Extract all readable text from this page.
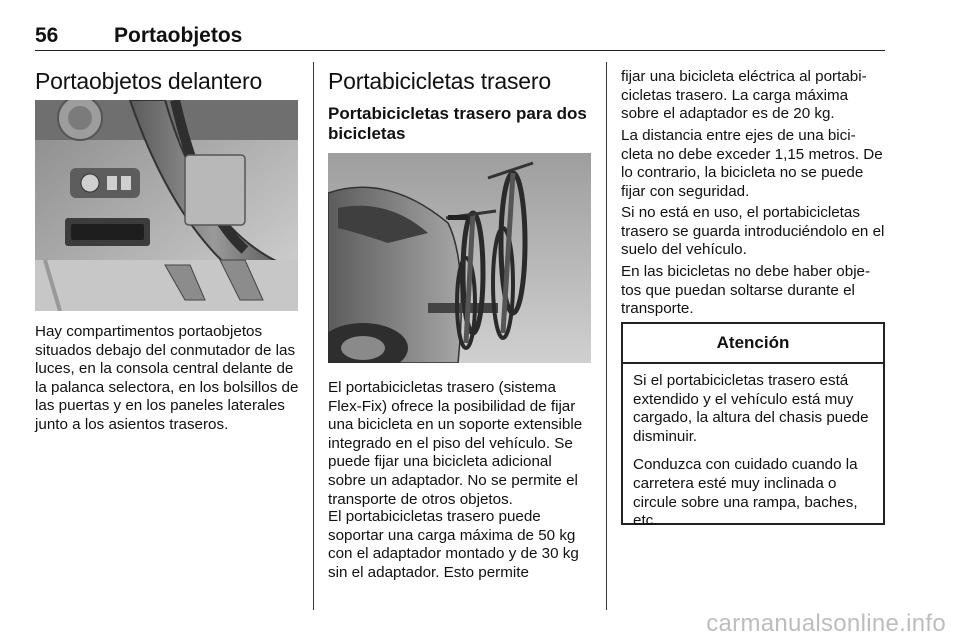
56	Portaobjetos
Portaobjetos delantero

Hay compartimentos portaobjetos situados debajo del conmutador de las luces, en la consola central delante de la palanca selectora, en los bolsillos de las puertas y en los paneles laterales junto a los asientos traseros.

Portabicicletas trasero
Portabicicletas trasero para dos bicicletas

El portabicicletas trasero (sistema Flex-Fix) ofrece la posibilidad de fijar una bicicleta en un soporte extensible integrado en el piso del vehículo. Se puede fijar una bicicleta adicional sobre un adaptador. No se permite el transporte de otros objetos.

El portabicicletas trasero puede soportar una carga máxima de 50 kg con el adaptador montado y de 30 kg sin el adaptador. Esto permite

fijar una bicicleta eléctrica al portabi-cicletas trasero. La carga máxima sobre el adaptador es de 20 kg.

La distancia entre ejes de una bici-cleta no debe exceder 1,15 metros. De lo contrario, la bicicleta no se puede fijar con seguridad.

Si no está en uso, el portabicicletas trasero se guarda introduciéndolo en el suelo del vehículo.

En las bicicletas no debe haber obje-tos que puedan soltarse durante el transporte.

Atención

Si el portabicicletas trasero está extendido y el vehículo está muy cargado, la altura del chasis puede disminuir.

Conduzca con cuidado cuando la carretera esté muy inclinada o circule sobre una rampa, baches, etc.

carmanualsonline.info
